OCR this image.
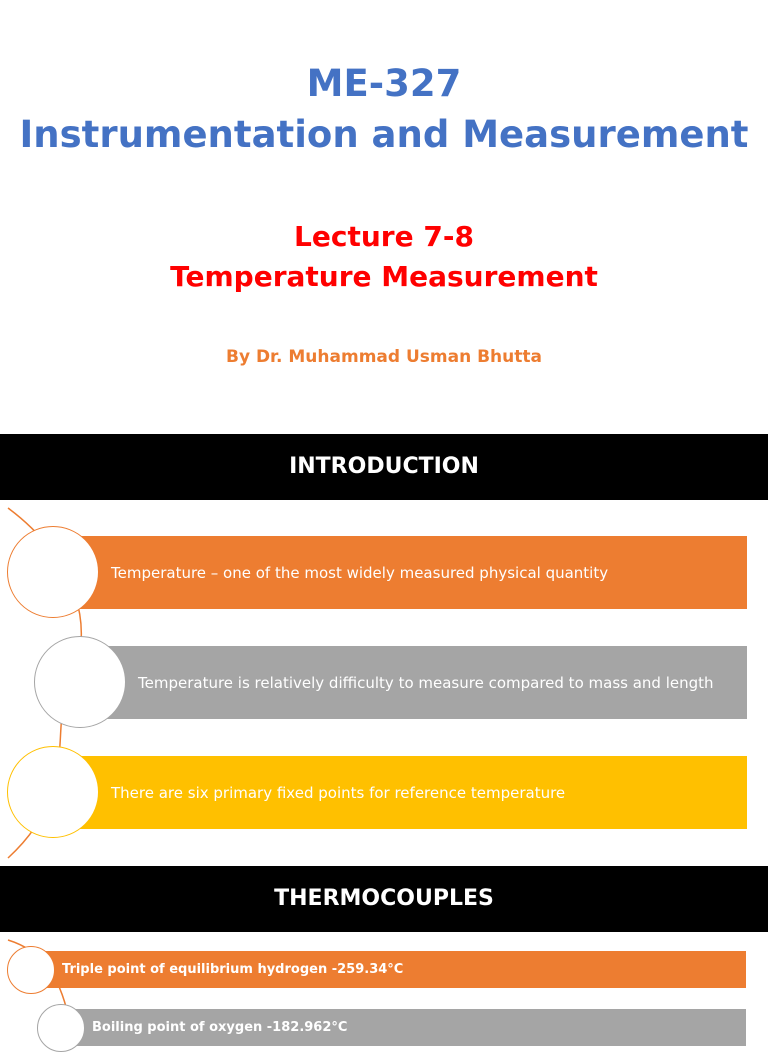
ME-327
Instrumentation and Measurement
Lecture 7-8
Temperature Measurement

By Dr. Muhammad Usman Bhutta

INTRODUCTION
Temperature – one of the most widely measured physical quantity
Temperature is relatively difficulty to measure compared to mass and length
There are six primary fixed points for reference temperature
THERMOCOUPLES
Triple point of equilibrium hydrogen -259.34°C
Boiling point of oxygen -182.962°C
